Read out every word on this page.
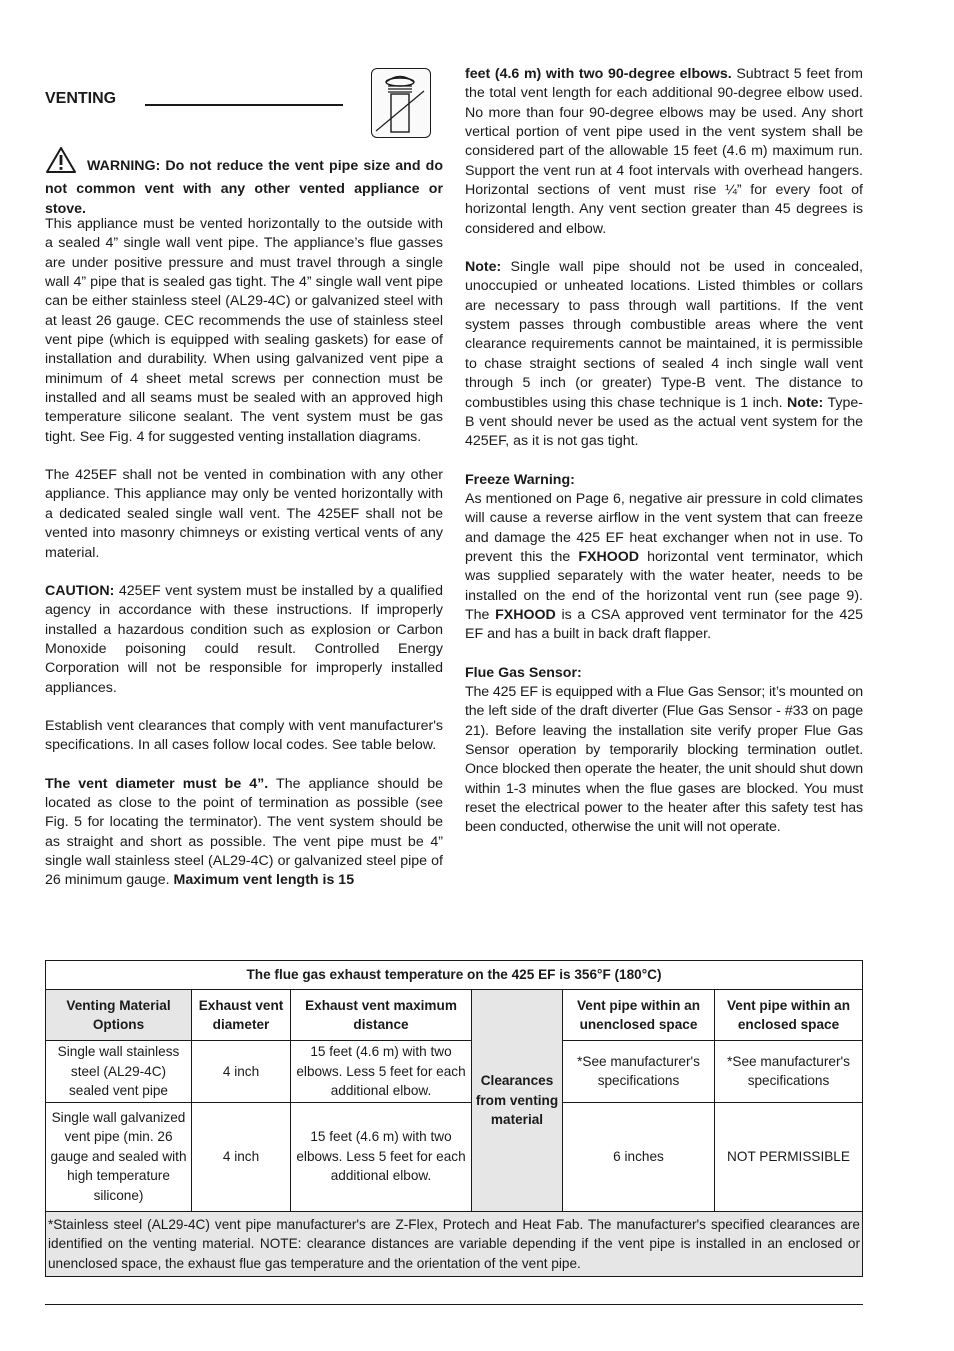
VENTING

WARNING: Do not reduce the vent pipe size and do not common vent with any other vented appliance or stove.

This appliance must be vented horizontally to the outside with a sealed 4” single wall vent pipe. The appliance’s flue gasses are under positive pressure and must travel through a single wall 4” pipe that is sealed gas tight. The 4” single wall vent pipe can be either stainless steel (AL29-4C) or galvanized steel with at least 26 gauge. CEC recommends the use of stainless steel vent pipe (which is equipped with sealing gaskets) for ease of installation and durability. When using galvanized vent pipe a minimum of 4 sheet metal screws per connection must be installed and all seams must be sealed with an approved high temperature silicone sealant. The vent system must be gas tight. See Fig. 4 for suggested venting installation diagrams.

The 425EF shall not be vented in combination with any other appliance. This appliance may only be vented horizontally with a dedicated sealed single wall vent. The 425EF shall not be vented into masonry chimneys or existing vertical vents of any material.

CAUTION: 425EF vent system must be installed by a qualified agency in accordance with these instructions. If improperly installed a hazardous condition such as explosion or Carbon Monoxide poisoning could result. Controlled Energy Corporation will not be responsible for improperly installed appliances.

Establish vent clearances that comply with vent manufacturer's specifications. In all cases follow local codes. See table below.

The vent diameter must be 4”. The appliance should be located as close to the point of termination as possible (see Fig. 5 for locating the terminator). The vent system should be as straight and short as possible. The vent pipe must be 4” single wall stainless steel (AL29-4C) or galvanized steel pipe of 26 minimum gauge. Maximum vent length is 15

feet (4.6 m) with two 90-degree elbows. Subtract 5 feet from the total vent length for each additional 90-degree elbow used. No more than four 90-degree elbows may be used. Any short vertical portion of vent pipe used in the vent system shall be considered part of the allowable 15 feet (4.6 m) maximum run. Support the vent run at 4 foot intervals with overhead hangers. Horizontal sections of vent must rise ¼” for every foot of horizontal length. Any vent section greater than 45 degrees is considered and elbow.

Note: Single wall pipe should not be used in concealed, unoccupied or unheated locations. Listed thimbles or collars are necessary to pass through wall partitions. If the vent system passes through combustible areas where the vent clearance requirements cannot be maintained, it is permissible to chase straight sections of sealed 4 inch single wall vent through 5 inch (or greater) Type-B vent. The distance to combustibles using this chase technique is 1 inch. Note: Type-B vent should never be used as the actual vent system for the 425EF, as it is not gas tight.

Freeze Warning:

As mentioned on Page 6, negative air pressure in cold climates will cause a reverse airflow in the vent system that can freeze and damage the 425 EF heat exchanger when not in use. To prevent this the FXHOOD horizontal vent terminator, which was supplied separately with the water heater, needs to be installed on the end of the horizontal vent run (see page 9). The FXHOOD is a CSA approved vent terminator for the 425 EF and has a built in back draft flapper.

Flue Gas Sensor:

The 425 EF is equipped with a Flue Gas Sensor; it’s mounted on the left side of the draft diverter (Flue Gas Sensor - #33 on page 21). Before leaving the installation site verify proper Flue Gas Sensor operation by temporarily blocking termination outlet. Once blocked then operate the heater, the unit should shut down within 1-3 minutes when the flue gases are blocked. You must reset the electrical power to the heater after this safety test has been conducted, otherwise the unit will not operate.

The flue gas exhaust temperature on the 425 EF is 356°F (180°C)					
Venting Material Options	Exhaust vent diameter	Exhaust vent maximum distance	Clearances from venting material	Vent pipe within an unenclosed space	Vent pipe within an enclosed space
Single wall stainless steel (AL29-4C) sealed vent pipe	4 inch	15 feet (4.6 m) with two elbows. Less 5 feet for each additional elbow.		*See manufacturer's specifications	*See manufacturer's specifications
Single wall galvanized vent pipe (min. 26 gauge and sealed with high temperature silicone)	4 inch	15 feet (4.6 m) with two elbows. Less 5 feet for each additional elbow.		6 inches	NOT PERMISSIBLE
*Stainless steel (AL29-4C) vent pipe manufacturer's are Z-Flex, Protech and Heat Fab. The manufacturer's specified clearances are identified on the venting material. NOTE: clearance distances are variable depending if the vent pipe is installed in an enclosed or unenclosed space, the exhaust flue gas temperature and the orientation of the vent pipe.					
